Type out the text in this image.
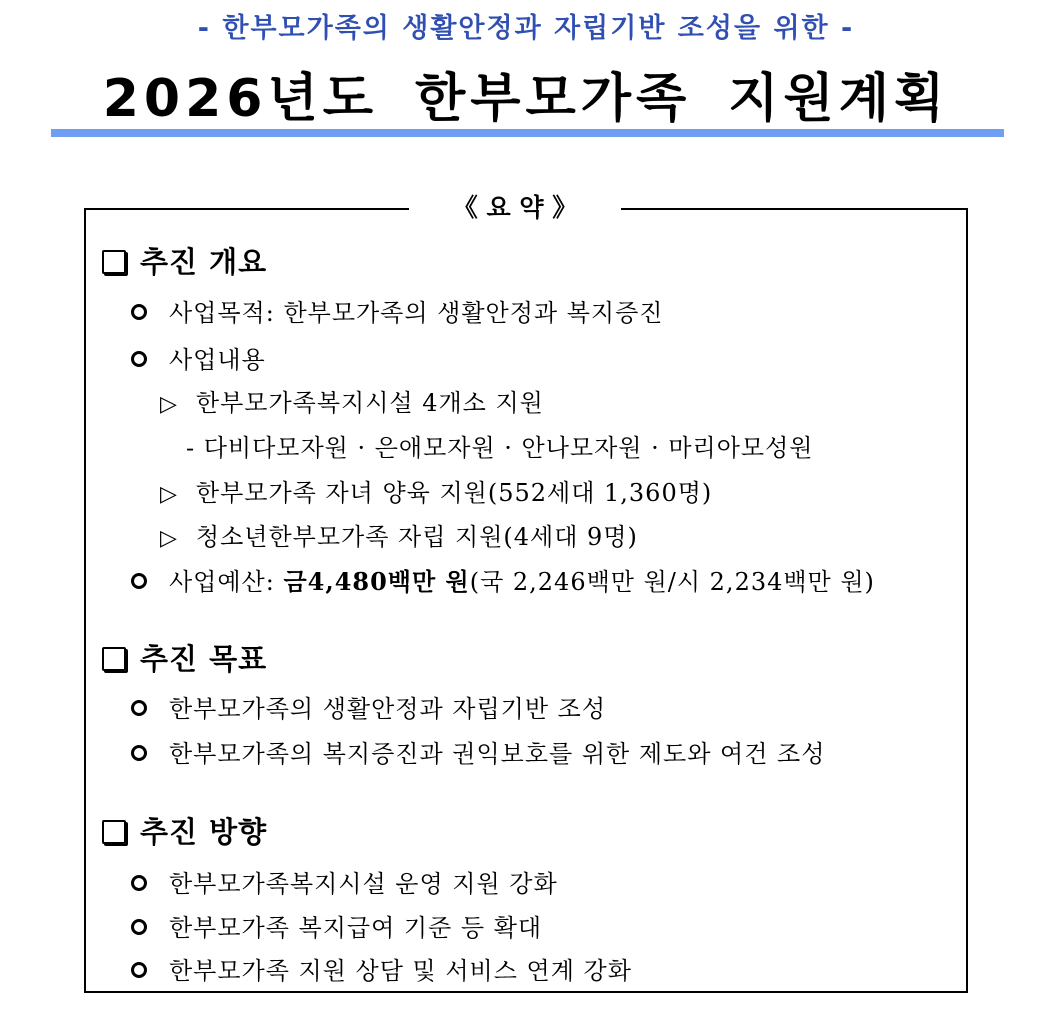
- 한부모가족의 생활안정과 자립기반 조성을 위한 -
2026년도 한부모가족 지원계획
《 요 약 》
추진 개요
사업목적: 한부모가족의 생활안정과 복지증진
사업내용
▷ 한부모가족복지시설 4개소 지원
- 다비다모자원 · 은애모자원 · 안나모자원 · 마리아모성원
▷ 한부모가족 자녀 양육 지원(552세대 1,360명)
▷ 청소년한부모가족 자립 지원(4세대 9명)
사업예산: 금4,480백만 원(국 2,246백만 원/시 2,234백만 원)
추진 목표
한부모가족의 생활안정과 자립기반 조성
한부모가족의 복지증진과 권익보호를 위한 제도와 여건 조성
추진 방향
한부모가족복지시설 운영 지원 강화
한부모가족 복지급여 기준 등 확대
한부모가족 지원 상담 및 서비스 연계 강화
